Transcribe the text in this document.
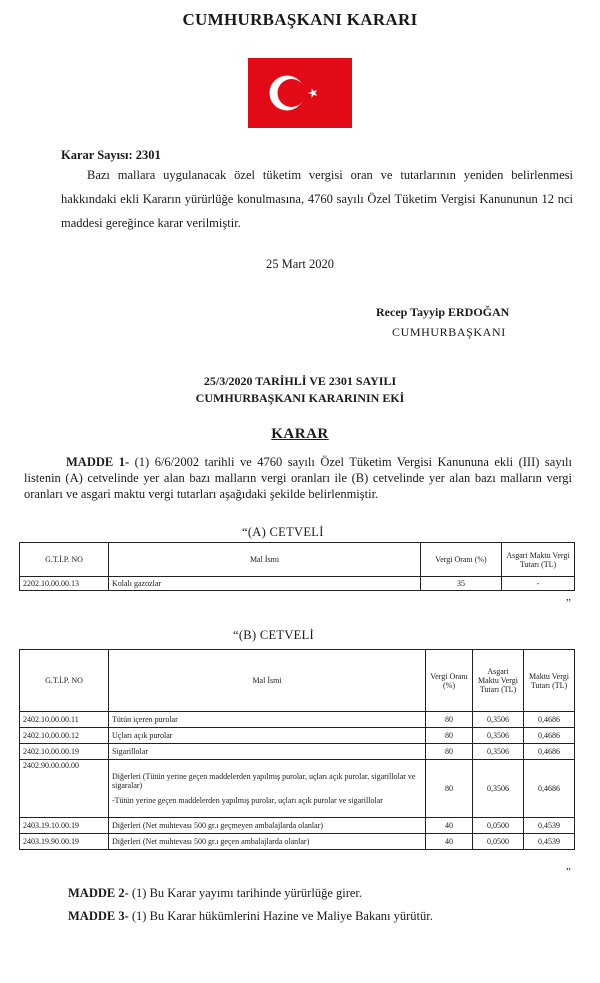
CUMHURBAŞKANI KARARI
Karar Sayısı: 2301
Bazı mallara uygulanacak özel tüketim vergisi oran ve tutarlarının yeniden belirlenmesi hakkındaki ekli Kararın yürürlüğe konulmasına, 4760 sayılı Özel Tüketim Vergisi Kanununun 12 nci maddesi gereğince karar verilmiştir.
25 Mart 2020
Recep Tayyip ERDOĞAN
CUMHURBAŞKANI
25/3/2020 TARİHLİ VE 2301 SAYILI
CUMHURBAŞKANI KARARININ EKİ
KARAR
MADDE 1- (1) 6/6/2002 tarihli ve 4760 sayılı Özel Tüketim Vergisi Kanununa ekli (III) sayılı listenin (A) cetvelinde yer alan bazı malların vergi oranları ile (B) cetvelinde yer alan bazı malların vergi oranları ve asgari maktu vergi tutarları aşağıdaki şekilde belirlenmiştir.
“(A) CETVELİ
G.T.İ.P. NO	Mal İsmi	Vergi Oranı (%)	Asgari Maktu Vergi Tutarı (TL)
2202.10.00.00.13	Kolalı gazozlar	35	-
”
“(B) CETVELİ
G.T.İ.P. NO	Mal İsmi	Vergi Oranı (%)	Asgari Maktu Vergi Tutarı (TL)	Maktu Vergi Tutarı (TL)
2402.10.00.00.11	Tütün içeren purolar	80	0,3506	0,4686
2402.10.00.00.12	Uçları açık purolar	80	0,3506	0,4686
2402.10.00.00.19	Sigarillolar	80	0,3506	0,4686
2402.90.00.00.00	Diğerleri (Tütün yerine geçen maddelerden yapılmış purolar, uçları açık purolar, sigarillolar ve sigaralar)
-Tütün yerine geçen maddelerden yapılmış purolar, uçları açık purolar ve sigarillolar	80	0,3506	0,4686
2403.19.10.00.19	Diğerleri (Net muhtevası 500 gr.ı geçmeyen ambalajlarda olanlar)	40	0,0500	0,4539
2403.19.90.00.19	Diğerleri (Net muhtevası 500 gr.ı geçen ambalajlarda olanlar)	40	0,0500	0,4539
”
MADDE 2- (1) Bu Karar yayımı tarihinde yürürlüğe girer.
MADDE 3- (1) Bu Karar hükümlerini Hazine ve Maliye Bakanı yürütür.
